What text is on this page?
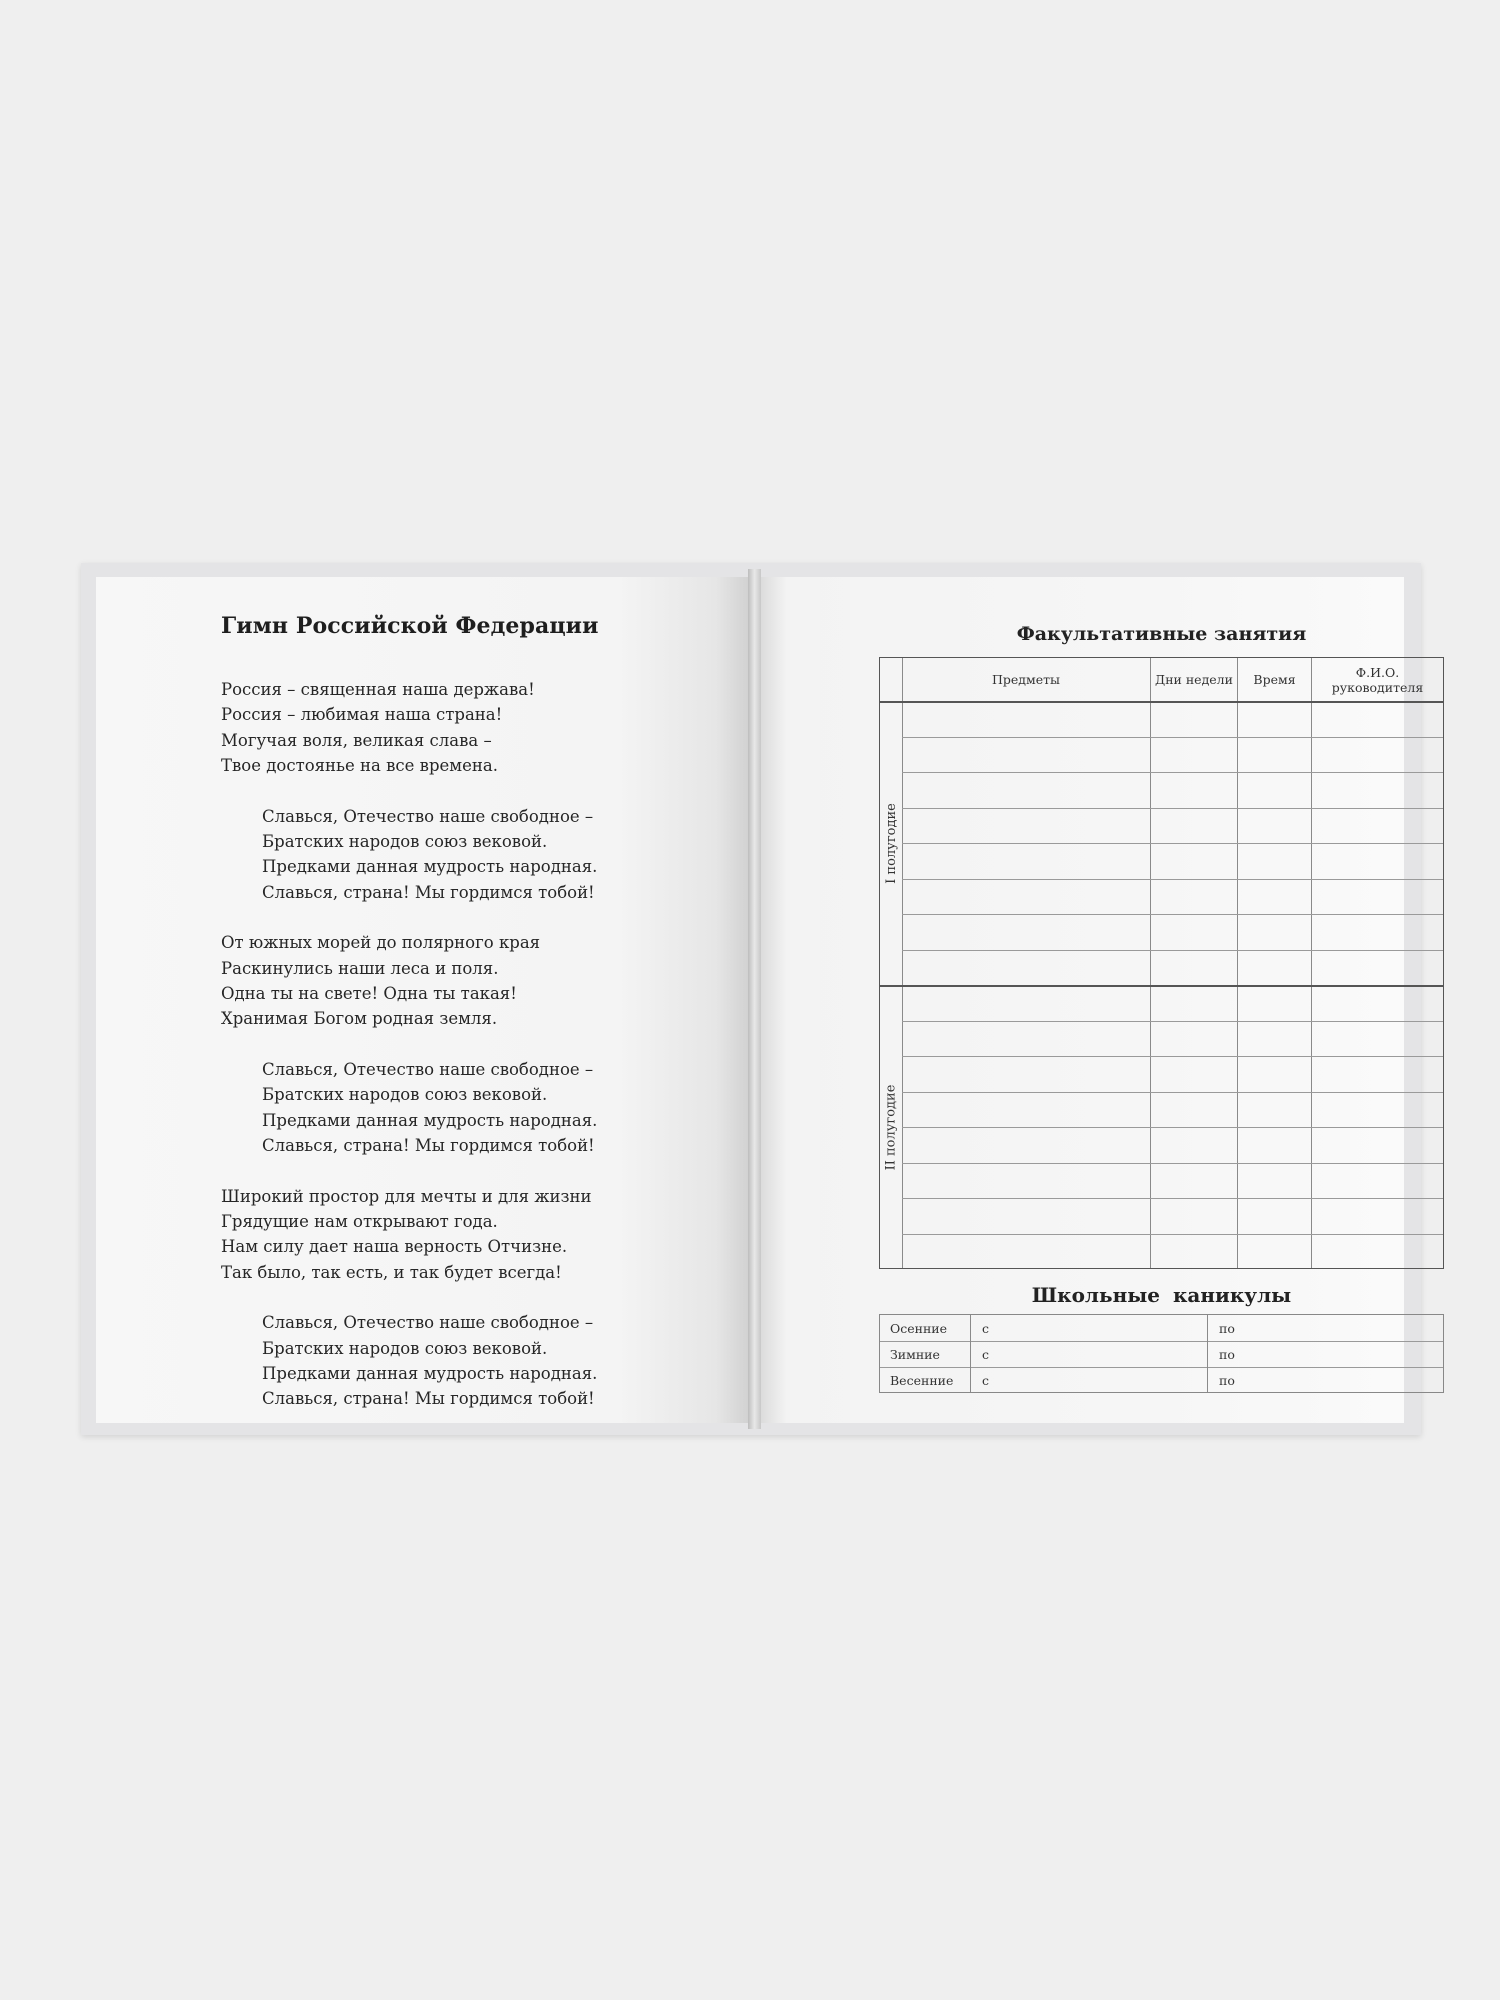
Гимн Российской Федерации
Россия – священная наша держава!
Россия – любимая наша страна!
Могучая воля, великая слава –
Твое достоянье на все времена.
Славься, Отечество наше свободное –
Братских народов союз вековой.
Предками данная мудрость народная.
Славься, страна! Мы гордимся тобой!
От южных морей до полярного края
Раскинулись наши леса и поля.
Одна ты на свете! Одна ты такая!
Хранимая Богом родная земля.
Славься, Отечество наше свободное –
Братских народов союз вековой.
Предками данная мудрость народная.
Славься, страна! Мы гордимся тобой!
Широкий простор для мечты и для жизни
Грядущие нам открывают года.
Нам силу дает наша верность Отчизне.
Так было, так есть, и так будет всегда!
Славься, Отечество наше свободное –
Братских народов союз вековой.
Предками данная мудрость народная.
Славься, страна! Мы гордимся тобой!
Факультативные занятия
Предметы	Дни недели	Время	Ф.И.О.
руководителя
I полугодие
II полугодие
Школьные каникулы
Осенние	с	по
Зимние	с	по
Весенние с	по
